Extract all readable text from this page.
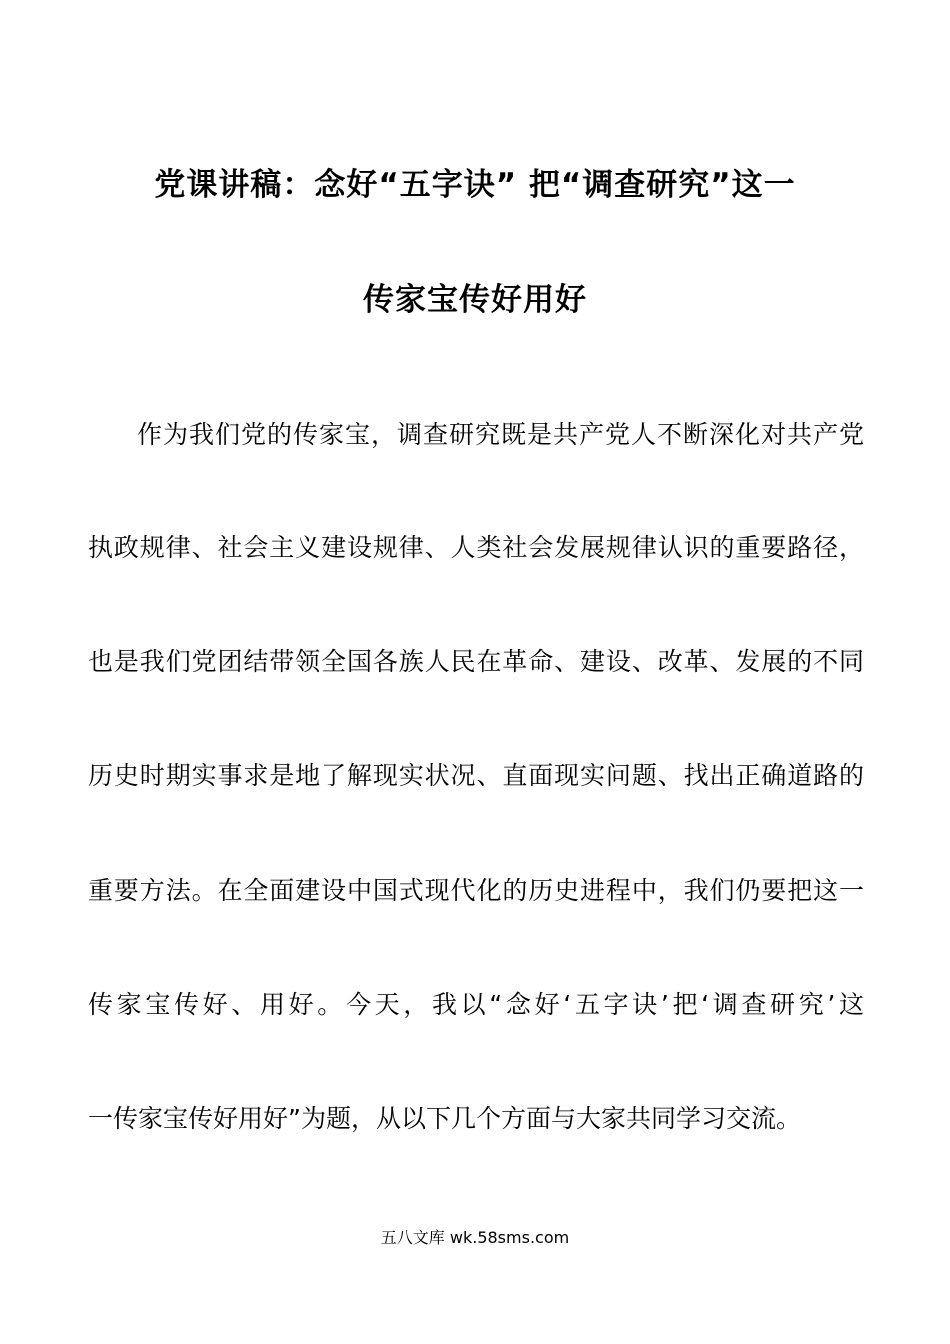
党课讲稿：念好“五字诀” 把“调查研究”这一
传家宝传好用好
作为我们党的传家宝，调查研究既是共产党人不断深化对共产党
执政规律、社会主义建设规律、人类社会发展规律认识的重要路径，
也是我们党团结带领全国各族人民在革命、建设、改革、发展的不同
历史时期实事求是地了解现实状况、直面现实问题、找出正确道路的
重要方法。在全面建设中国式现代化的历史进程中，我们仍要把这一
传家宝传好、用好。今天，我以“念好‘五字诀’把‘调查研究’这
一传家宝传好用好”为题，从以下几个方面与大家共同学习交流。
五八文库 wk.58sms.com
